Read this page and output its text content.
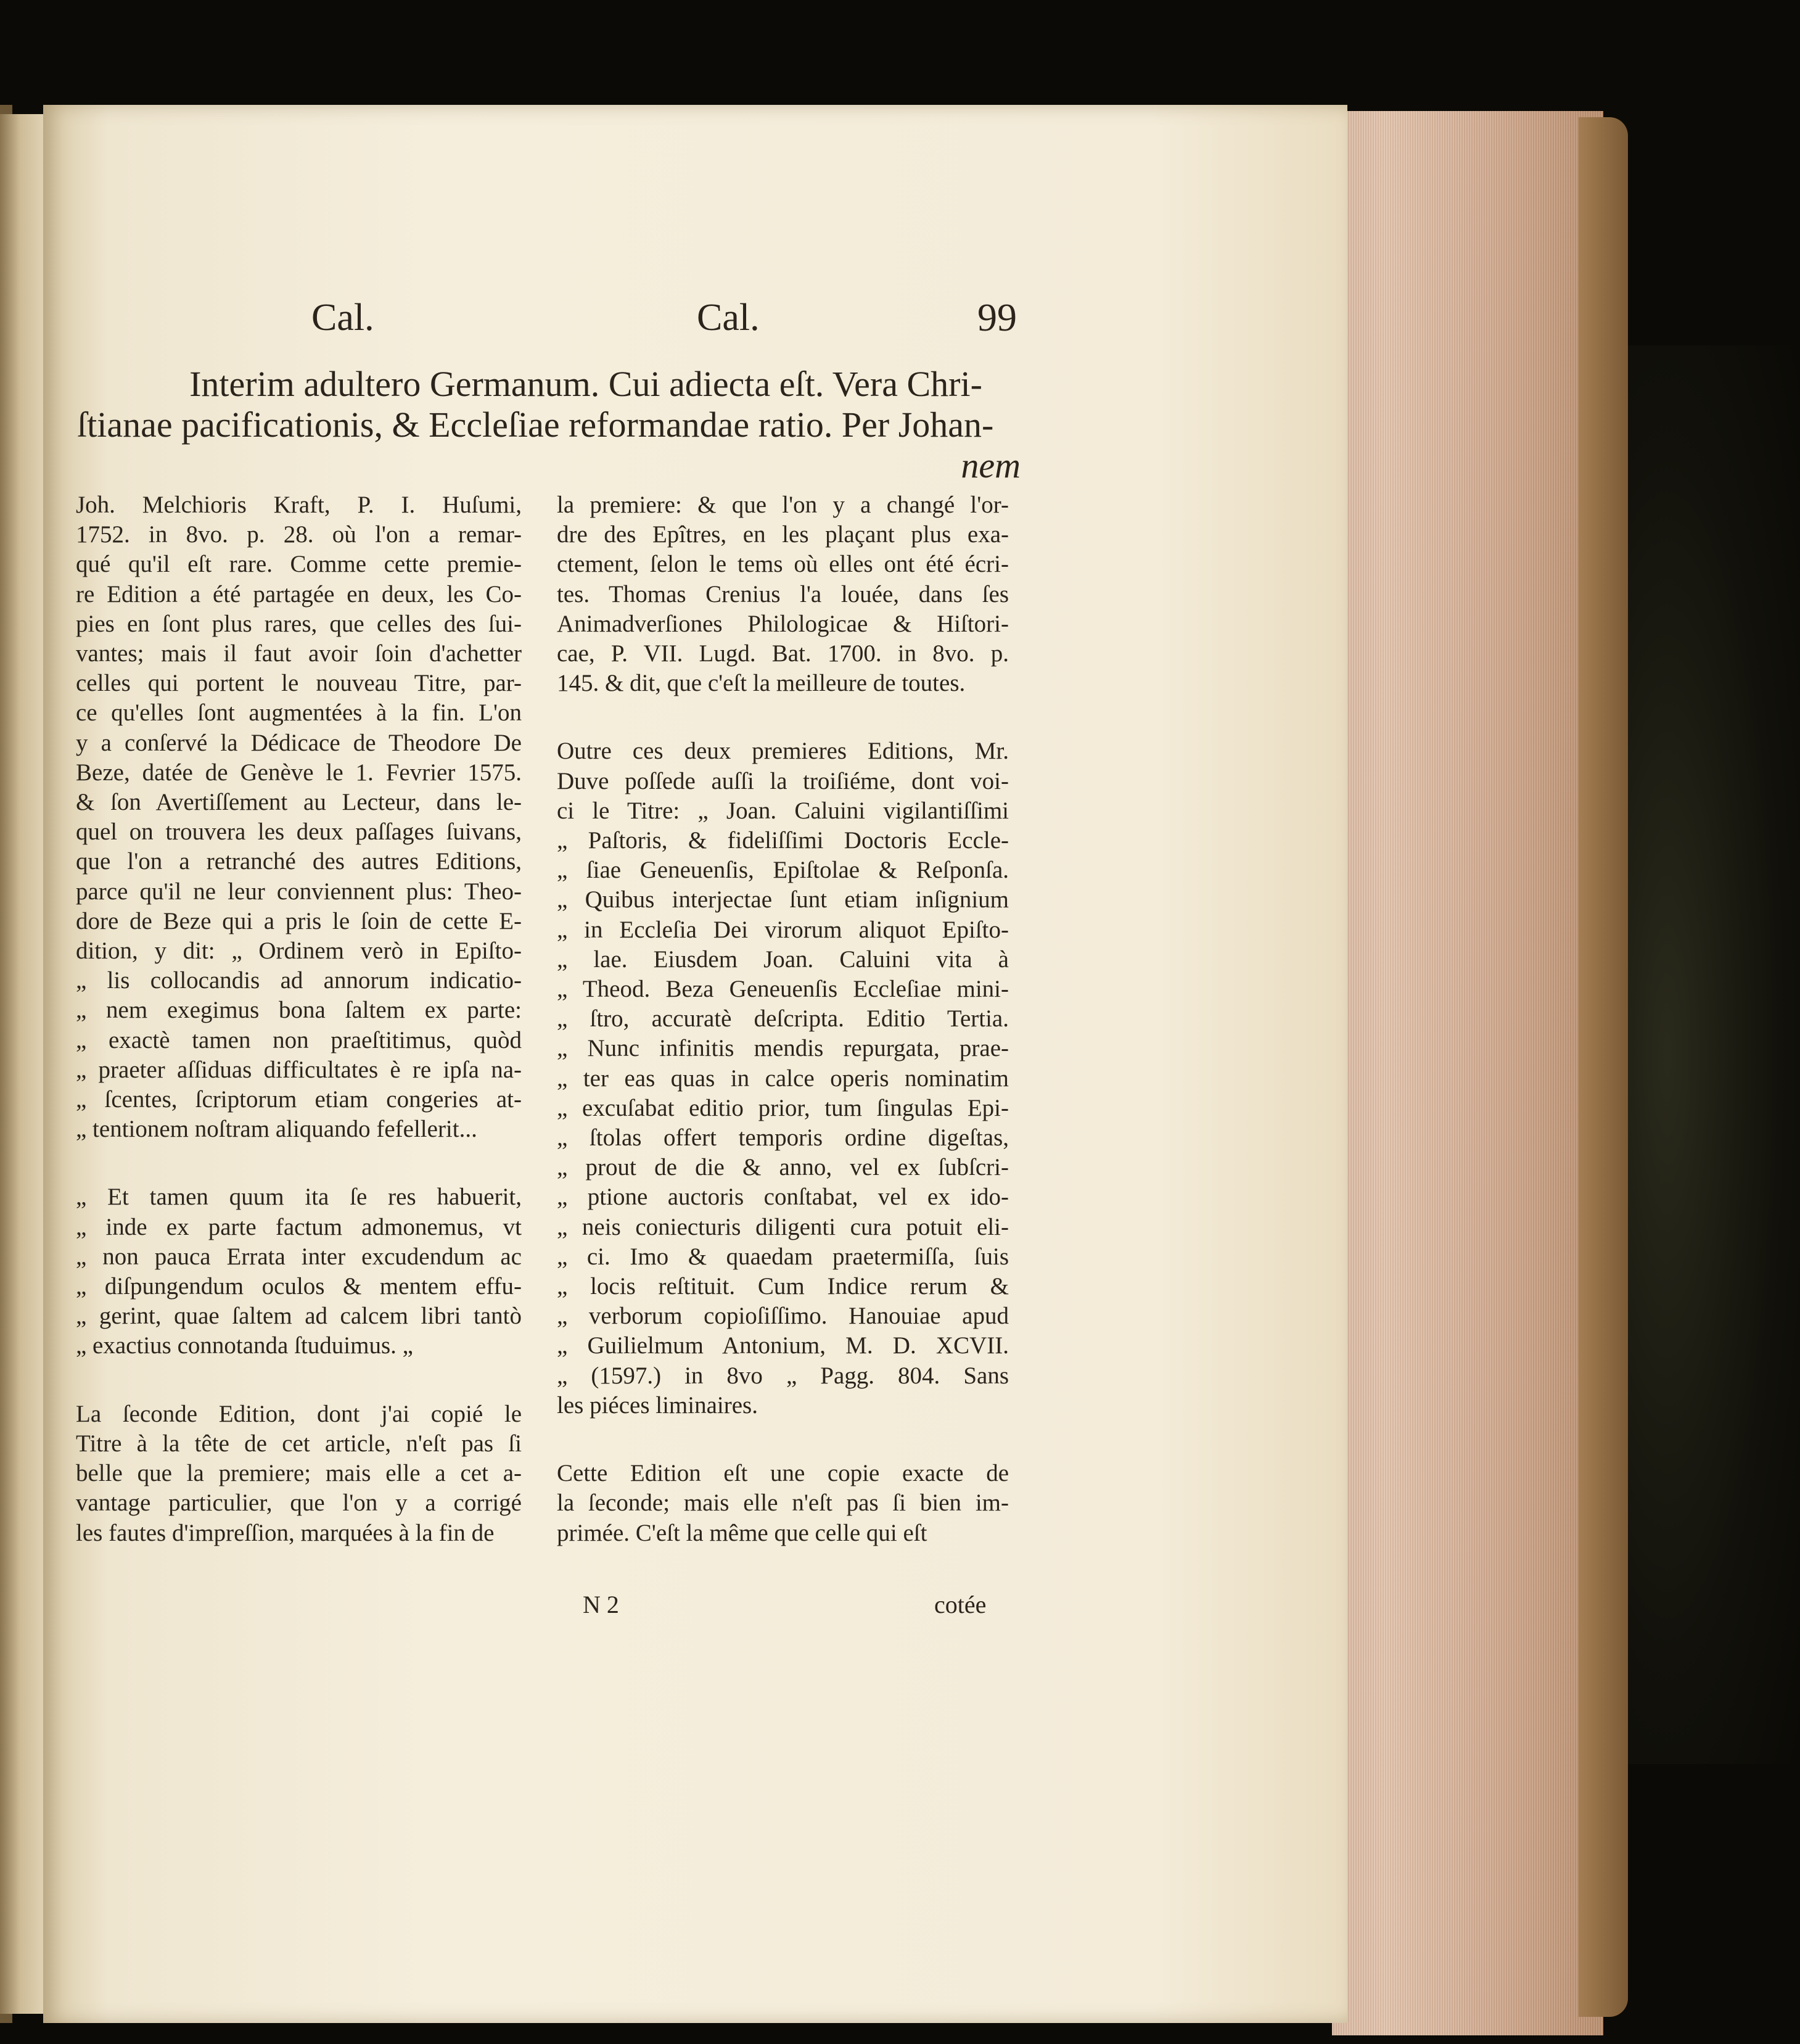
Cal.	Cal.	99
Interim adultero Germanum. Cui adiecta eſt. Vera Chri-
ſtianae pacificationis, & Eccleſiae reformandae ratio. Per Johan-
nem

Joh. Melchioris Kraft, P. I. Huſumi,
1752. in 8vo. p. 28. où l'on a remar-
qué qu'il eſt rare. Comme cette premie-
re Edition a été partagée en deux, les Co-
pies en ſont plus rares, que celles des ſui-
vantes; mais il faut avoir ſoin d'achetter
celles qui portent le nouveau Titre, par-
ce qu'elles ſont augmentées à la fin. L'on
y a conſervé la Dédicace de Theodore De
Beze, datée de Genève le 1. Fevrier 1575.
& ſon Avertiſſement au Lecteur, dans le-
quel on trouvera les deux paſſages ſuivans,
que l'on a retranché des autres Editions,
parce qu'il ne leur conviennent plus: Theo-
dore de Beze qui a pris le ſoin de cette E-
dition, y dit: „ Ordinem verò in Epiſto-
„ lis collocandis ad annorum indicatio-
„ nem exegimus bona ſaltem ex parte:
„ exactè tamen non praeſtitimus, quòd
„ praeter aſſiduas difficultates è re ipſa na-
„ ſcentes, ſcriptorum etiam congeries at-
„ tentionem noſtram aliquando fefellerit...

„ Et tamen quum ita ſe res habuerit,
„ inde ex parte factum admonemus, vt
„ non pauca Errata inter excudendum ac
„ diſpungendum oculos & mentem effu-
„ gerint, quae ſaltem ad calcem libri tantò
„ exactius connotanda ſtuduimus. „

La ſeconde Edition, dont j'ai copié le
Titre à la tête de cet article, n'eſt pas ſi
belle que la premiere; mais elle a cet a-
vantage particulier, que l'on y a corrigé
les fautes d'impreſſion, marquées à la fin de

la premiere: & que l'on y a changé l'or-
dre des Epîtres, en les plaçant plus exa-
ctement, ſelon le tems où elles ont été écri-
tes. Thomas Crenius l'a louée, dans ſes
Animadverſiones Philologicae & Hiſtori-
cae, P. VII. Lugd. Bat. 1700. in 8vo. p.
145. & dit, que c'eſt la meilleure de toutes.

Outre ces deux premieres Editions, Mr.
Duve poſſede auſſi la troiſiéme, dont voi-
ci le Titre: „ Joan. Caluini vigilantiſſimi
„ Paſtoris, & fideliſſimi Doctoris Eccle-
„ ſiae Geneuenſis, Epiſtolae & Reſponſa.
„ Quibus interjectae ſunt etiam inſignium
„ in Eccleſia Dei virorum aliquot Epiſto-
„ lae. Eiusdem Joan. Caluini vita à
„ Theod. Beza Geneuenſis Eccleſiae mini-
„ ſtro, accuratè deſcripta. Editio Tertia.
„ Nunc infinitis mendis repurgata, prae-
„ ter eas quas in calce operis nominatim
„ excuſabat editio prior, tum ſingulas Epi-
„ ſtolas offert temporis ordine digeſtas,
„ prout de die & anno, vel ex ſubſcri-
„ ptione auctoris conſtabat, vel ex ido-
„ neis coniecturis diligenti cura potuit eli-
„ ci. Imo & quaedam praetermiſſa, ſuis
„ locis reſtituit. Cum Indice rerum &
„ verborum copioſiſſimo. Hanouiae apud
„ Guilielmum Antonium, M. D. XCVII.
„ (1597.) in 8vo „ Pagg. 804. Sans
les piéces liminaires.

Cette Edition eſt une copie exacte de
la ſeconde; mais elle n'eſt pas ſi bien im-
primée. C'eſt la même que celle qui eſt

N 2	cotée
